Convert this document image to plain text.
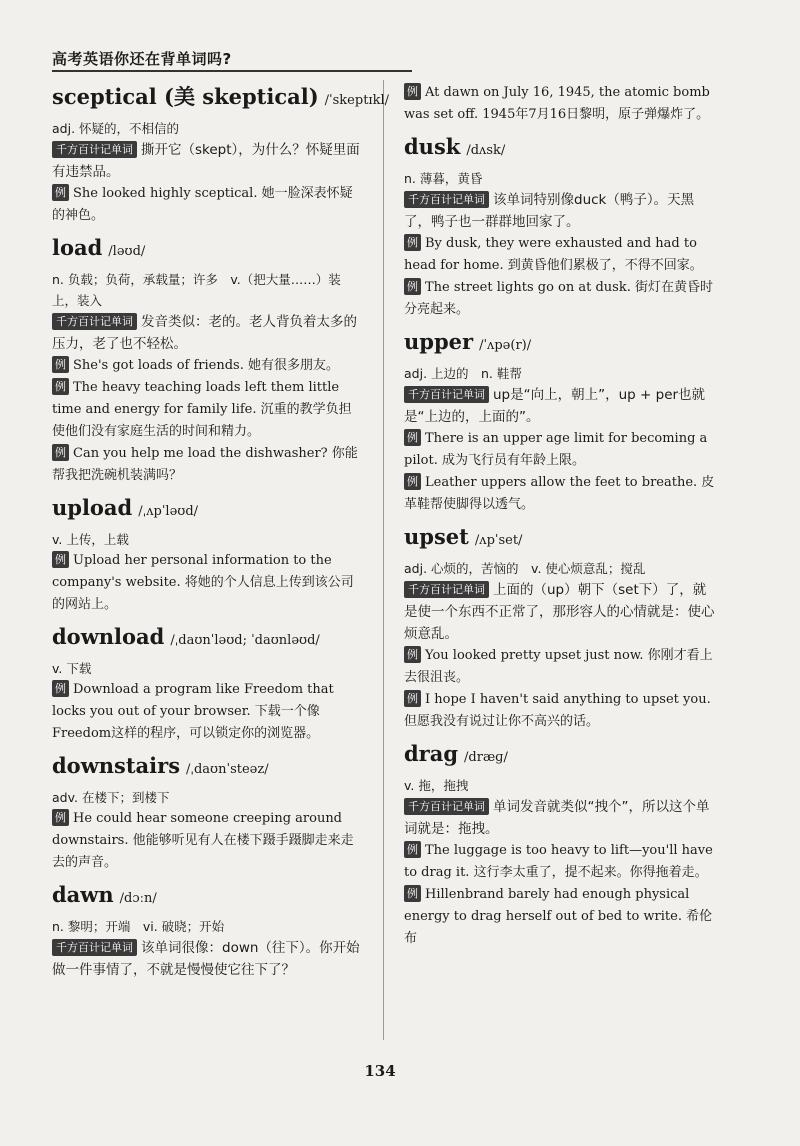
高考英语你还在背单词吗?
sceptical (美 skeptical) /ˈskeptɪkl/
adj. 怀疑的，不相信的
千方百计记单词 撕开它（skept），为什么？怀疑里面有违禁品。
例 She looked highly sceptical. 她一脸深表怀疑的神色。
load /ləʊd/
n. 负载；负荷，承载量；许多　v.（把大量……）装上，装入
千方百计记单词 发音类似：老的。老人背负着太多的压力，老了也不轻松。
例 She's got loads of friends. 她有很多朋友。
例 The heavy teaching loads left them little time and energy for family life. 沉重的教学负担使他们没有家庭生活的时间和精力。
例 Can you help me load the dishwasher? 你能帮我把洗碗机装满吗？
upload /ˌʌpˈləʊd/
v. 上传，上载
例 Upload her personal information to the company's website. 将她的个人信息上传到该公司的网站上。
download /ˌdaʊnˈləʊd; ˈdaʊnləʊd/
v. 下载
例 Download a program like Freedom that locks you out of your browser. 下载一个像Freedom这样的程序，可以锁定你的浏览器。
downstairs /ˌdaʊnˈsteəz/
adv. 在楼下；到楼下
例 He could hear someone creeping around downstairs. 他能够听见有人在楼下蹑手蹑脚走来走去的声音。
dawn /dɔːn/
n. 黎明；开端　vi. 破晓；开始
千方百计记单词 该单词很像：down（往下）。你开始做一件事情了，不就是慢慢使它往下了？
例 At dawn on July 16, 1945, the atomic bomb was set off. 1945年7月16日黎明，原子弹爆炸了。
dusk /dʌsk/
n. 薄暮，黄昏
千方百计记单词 该单词特别像duck（鸭子）。天黑了，鸭子也一群群地回家了。
例 By dusk, they were exhausted and had to head for home. 到黄昏他们累极了，不得不回家。
例 The street lights go on at dusk. 街灯在黄昏时分亮起来。
upper /ˈʌpə(r)/
adj. 上边的　n. 鞋帮
千方百计记单词 up是“向上，朝上”，up + per也就是“上边的，上面的”。
例 There is an upper age limit for becoming a pilot. 成为飞行员有年龄上限。
例 Leather uppers allow the feet to breathe. 皮革鞋帮使脚得以透气。
upset /ʌpˈset/
adj. 心烦的，苦恼的　v. 使心烦意乱；搅乱
千方百计记单词 上面的（up）朝下（set下）了，就是使一个东西不正常了，那形容人的心情就是：使心烦意乱。
例 You looked pretty upset just now. 你刚才看上去很沮丧。
例 I hope I haven't said anything to upset you. 但愿我没有说过让你不高兴的话。
drag /dræɡ/
v. 拖，拖拽
千方百计记单词 单词发音就类似“拽个”，所以这个单词就是：拖拽。
例 The luggage is too heavy to lift—you'll have to drag it. 这行李太重了，提不起来。你得拖着走。
例 Hillenbrand barely had enough physical energy to drag herself out of bed to write. 希伦布
134
